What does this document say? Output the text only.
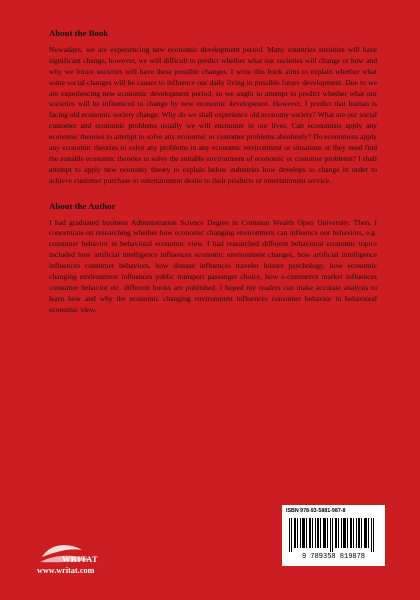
About the Book

Nowadays, we are experiencing new economic development period. Many countries societies will have significant change, however, we will difficult to predict whether what our societies will change or how and why we future societies will have these possible changes. I write this book aims to explain whether what some social changes will be causes to influence our daily living in possible future development. Due to we are experiencing new economic development period, so we ought to attempt to predict whether what our societies will be influenced to change by new economic development. However, I predict that human is facing old economic society change. Why do we shall experience old economy society? What are our social customer and economic problems usually we will encounter in our lives. Can economists apply any economic theories to attempt to solve any economic or customer problems absolutely? Do economists apply any economic theories to solve any problems in any economic environment or situations or they need find the suitable economic theories to solve the suitable environment of economic or customer problems? I shall attempt to apply new economy theory to explain below industries how develops to change in order to achieve customer purchase or entertainment desire to their products or entertainment service.

About the Author

I had graduated business Administration Science Degree in Common Wealth Open University. Then, I concentrate on researching whether how economic changing environment can influence our behaviors, e.g. consumer behavior in behavioral economic view. I had researched different behavioral economic topics included how artificial intelligence influences economic environment changes, how artificial intelligence influences consumer behaviors, how disease influences traveler leisure psychology, how economic changing environment influences public transport passenger choice, how e-commerce market influences consumer behavior etc. different books are published. I hoped my readers can make accurate analysis to learn how and why the economic changing environment influences consumer behavior in behavioral economic view.

WRITAT
www.writat.com
ISBN 978-93-5881-987-8
9 789358 819878
